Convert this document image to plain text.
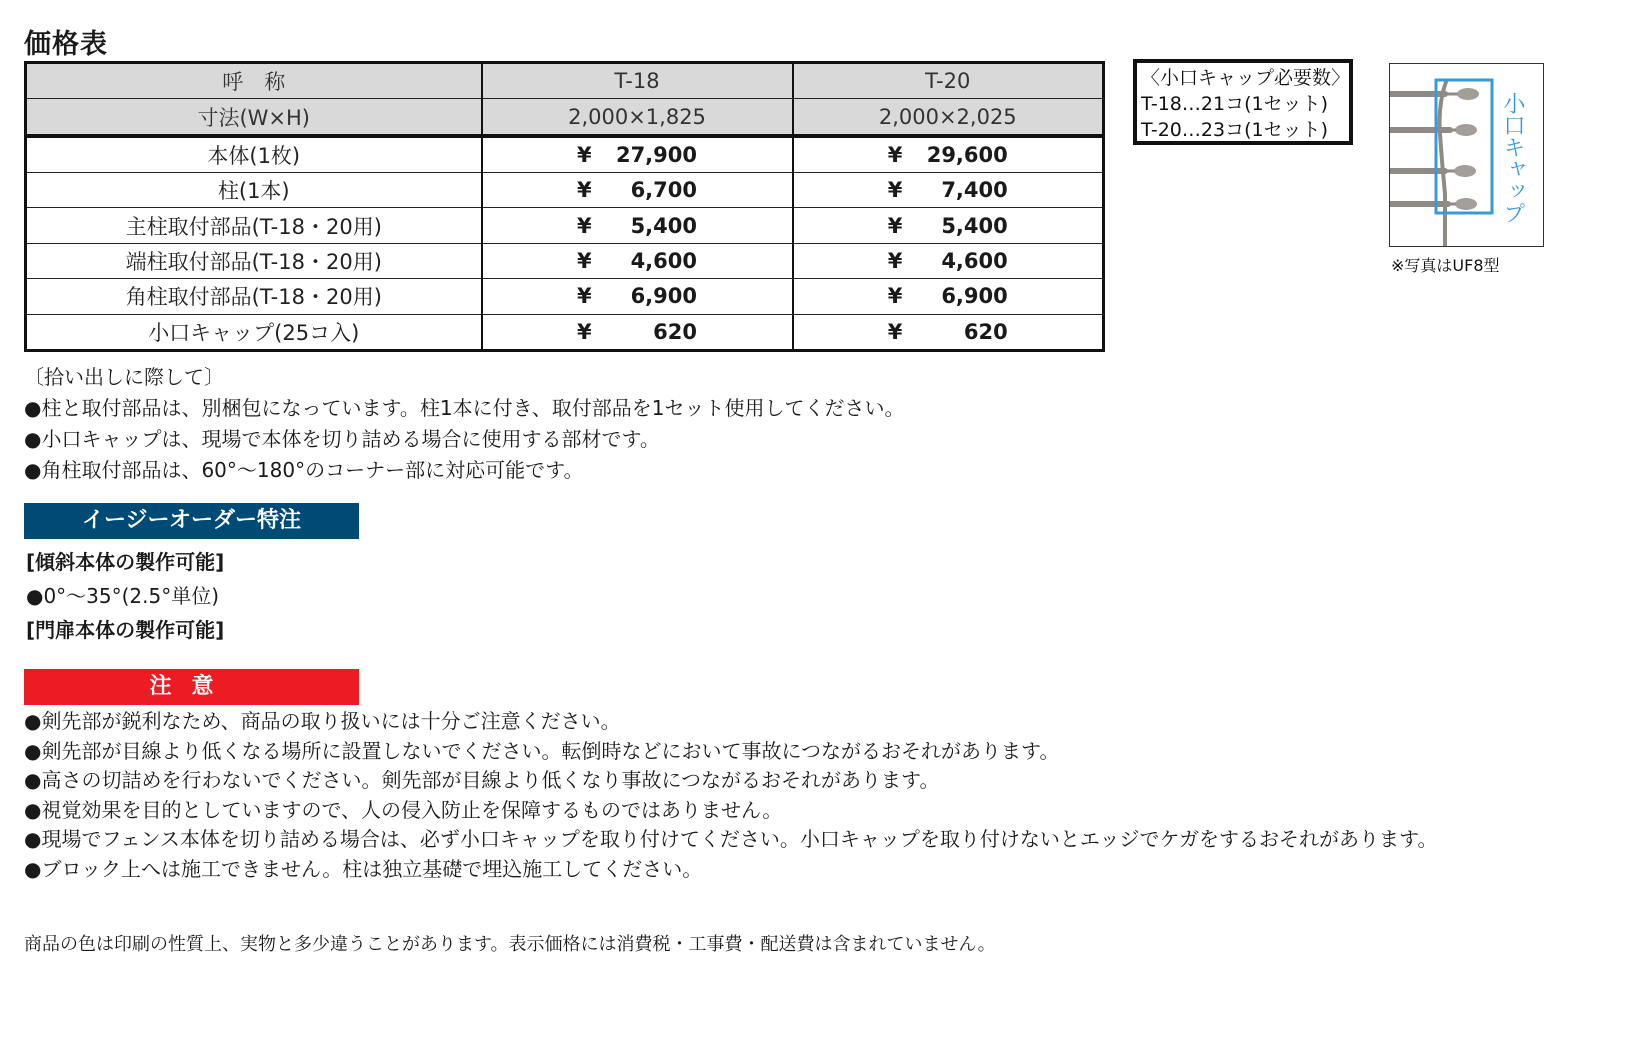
価格表
呼　称	T-18	T-20
寸法(W×H)	2,000×1,825	2,000×2,025
本体(1枚)	¥ 27,900	¥ 29,600
柱(1本)	¥ 6,700	¥ 7,400
主柱取付部品(T-18・20用)	¥ 5,400	¥ 5,400
端柱取付部品(T-18・20用)	¥ 4,600	¥ 4,600
角柱取付部品(T-18・20用)	¥ 6,900	¥ 6,900
小口キャップ(25コ入)	¥ 620	¥ 620
〈小口キャップ必要数〉
T-18…21コ(1セット)
T-20…23コ(1セット)	小口キャップ
※写真はUF8型
〔拾い出しに際して〕
●柱と取付部品は、別梱包になっています。柱1本に付き、取付部品を1セット使用してください。
●小口キャップは、現場で本体を切り詰める場合に使用する部材です。
●角柱取付部品は、60°〜180°のコーナー部に対応可能です。
イージーオーダー特注
[傾斜本体の製作可能]
●0°〜35°(2.5°単位)
[門扉本体の製作可能]
注意
●剣先部が鋭利なため、商品の取り扱いには十分ご注意ください。
●剣先部が目線より低くなる場所に設置しないでください。転倒時などにおいて事故につながるおそれがあります。
●高さの切詰めを行わないでください。剣先部が目線より低くなり事故につながるおそれがあります。
●視覚効果を目的としていますので、人の侵入防止を保障するものではありません。
●現場でフェンス本体を切り詰める場合は、必ず小口キャップを取り付けてください。小口キャップを取り付けないとエッジでケガをするおそれがあります。
●ブロック上へは施工できません。柱は独立基礎で埋込施工してください。
商品の色は印刷の性質上、実物と多少違うことがあります。表示価格には消費税・工事費・配送費は含まれていません。
